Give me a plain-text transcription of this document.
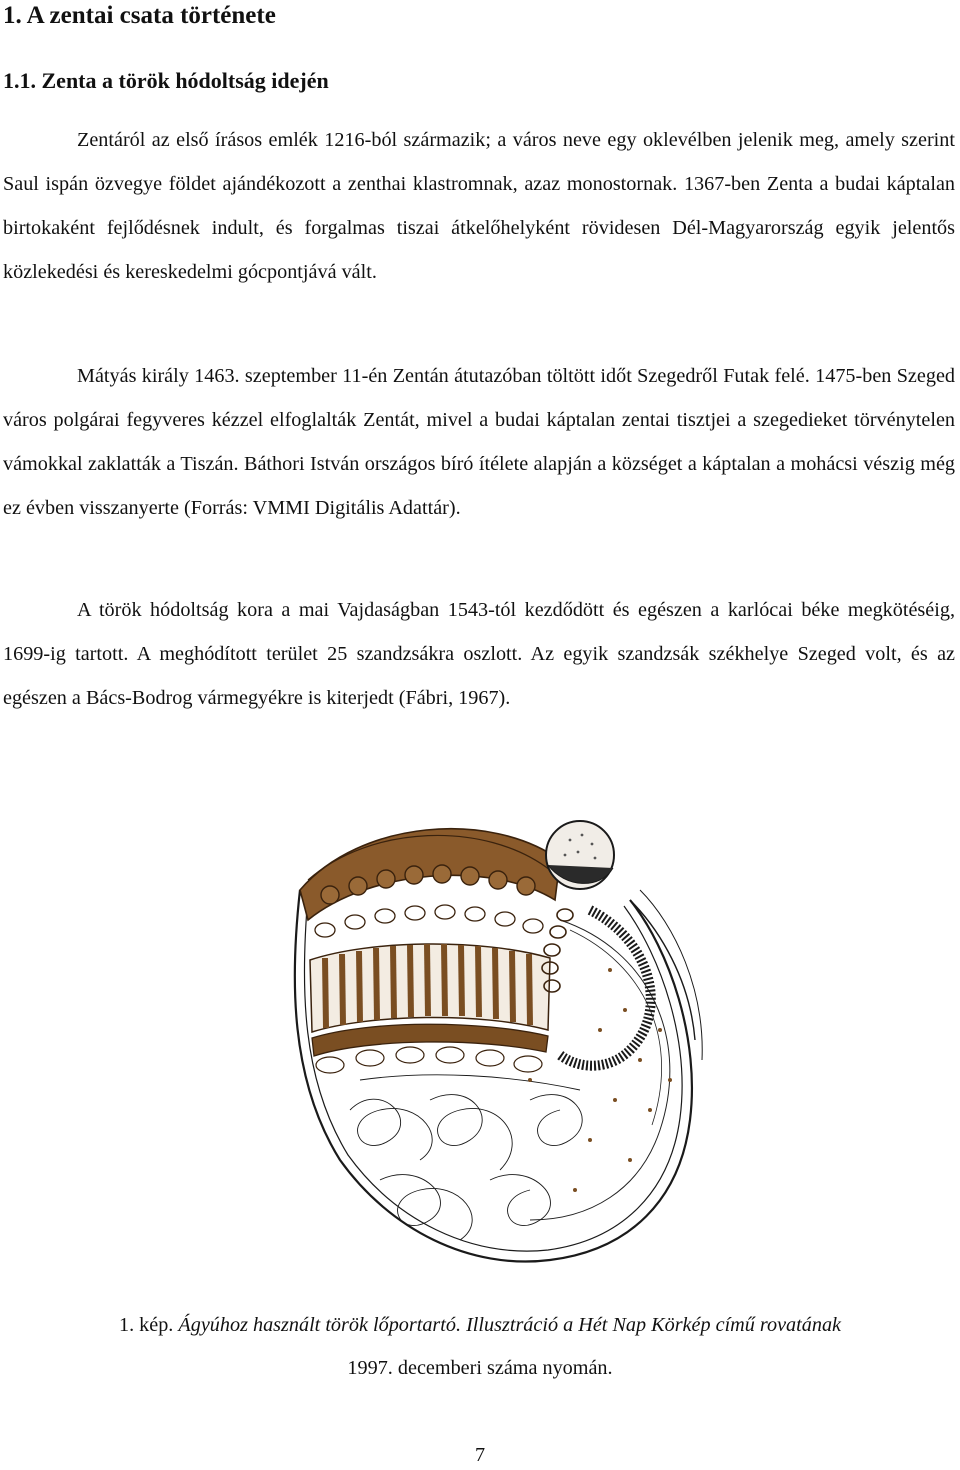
1. A zentai csata története
1.1. Zenta a török hódoltság idején

Zentáról az első írásos emlék 1216-ból származik; a város neve egy oklevélben jelenik meg, amely szerint Saul ispán özvegye földet ajándékozott a zenthai klastromnak, azaz monostornak. 1367-ben Zenta a budai káptalan birtokaként fejlődésnek indult, és forgalmas tiszai átkelőhelyként rövidesen Dél-Magyarország egyik jelentős közlekedési és kereskedelmi gócpontjává vált.

Mátyás király 1463. szeptember 11-én Zentán átutazóban töltött időt Szegedről Futak felé. 1475-ben Szeged város polgárai fegyveres kézzel elfoglalták Zentát, mivel a budai káptalan zentai tisztjei a szegedieket törvénytelen vámokkal zaklatták a Tiszán. Báthori István országos bíró ítélete alapján a községet a káptalan a mohácsi vészig még ez évben visszanyerte (Forrás: VMMI Digitális Adattár).

A török hódoltság kora a mai Vajdaságban 1543-tól kezdődött és egészen a karlócai béke megkötéséig, 1699-ig tartott. A meghódított terület 25 szandzsákra oszlott. Az egyik szandzsák székhelye Szeged volt, és az egészen a Bács-Bodrog vármegyékre is kiterjedt (Fábri, 1967).

1. kép. Ágyúhoz használt török lőportartó. Illusztráció a Hét Nap Körkép című rovatának

1997. decemberi száma nyomán.

7
